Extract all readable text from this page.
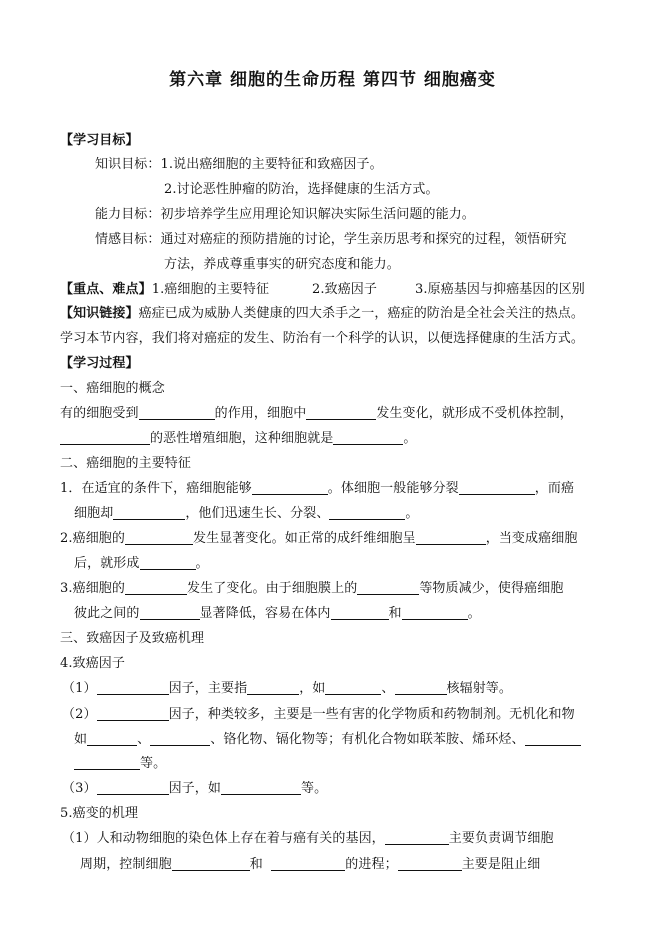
第六章 细胞的生命历程 第四节 细胞癌变
【学习目标】
知识目标：1.说出癌细胞的主要特征和致癌因子。
2.讨论恶性肿瘤的防治，选择健康的生活方式。
能力目标：初步培养学生应用理论知识解决实际生活问题的能力。
情感目标：通过对癌症的预防措施的讨论，学生亲历思考和探究的过程，领悟研究
方法，养成尊重事实的研究态度和能力。
【重点、难点】1.癌细胞的主要特征	2.致癌因子	3.原癌基因与抑癌基因的区别
【知识链接】癌症已成为威胁人类健康的四大杀手之一，癌症的防治是全社会关注的热点。
学习本节内容，我们将对癌症的发生、防治有一个科学的认识，以便选择健康的生活方式。
【学习过程】
一、癌细胞的概念
有的细胞受到	的作用，细胞中	发生变化，就形成不受机体控制，
的恶性增殖细胞，这种细胞就是	。
二、癌细胞的主要特征
1．在适宜的条件下，癌细胞能够	。体细胞一般能够分裂	，而癌
细胞却	，他们迅速生长、分裂、	。
2.癌细胞的	发生显著变化。如正常的成纤维细胞呈	，当变成癌细胞
后，就形成	。
3.癌细胞的	发生了变化。由于细胞膜上的	等物质减少，使得癌细胞
彼此之间的	显著降低，容易在体内	和	。
三、致癌因子及致癌机理
4.致癌因子
（1）	因子，主要指	，如	、	核辐射等。
（2）	因子，种类较多，主要是一些有害的化学物质和药物制剂。无机化和物
如	、	、铬化物、镉化物等；有机化合物如联苯胺、烯环烃、
等。
（3）	因子，如	等。
5.癌变的机理
（1）人和动物细胞的染色体上存在着与癌有关的基因，	主要负责调节细胞
周期，控制细胞	和	的进程；	主要是阻止细
